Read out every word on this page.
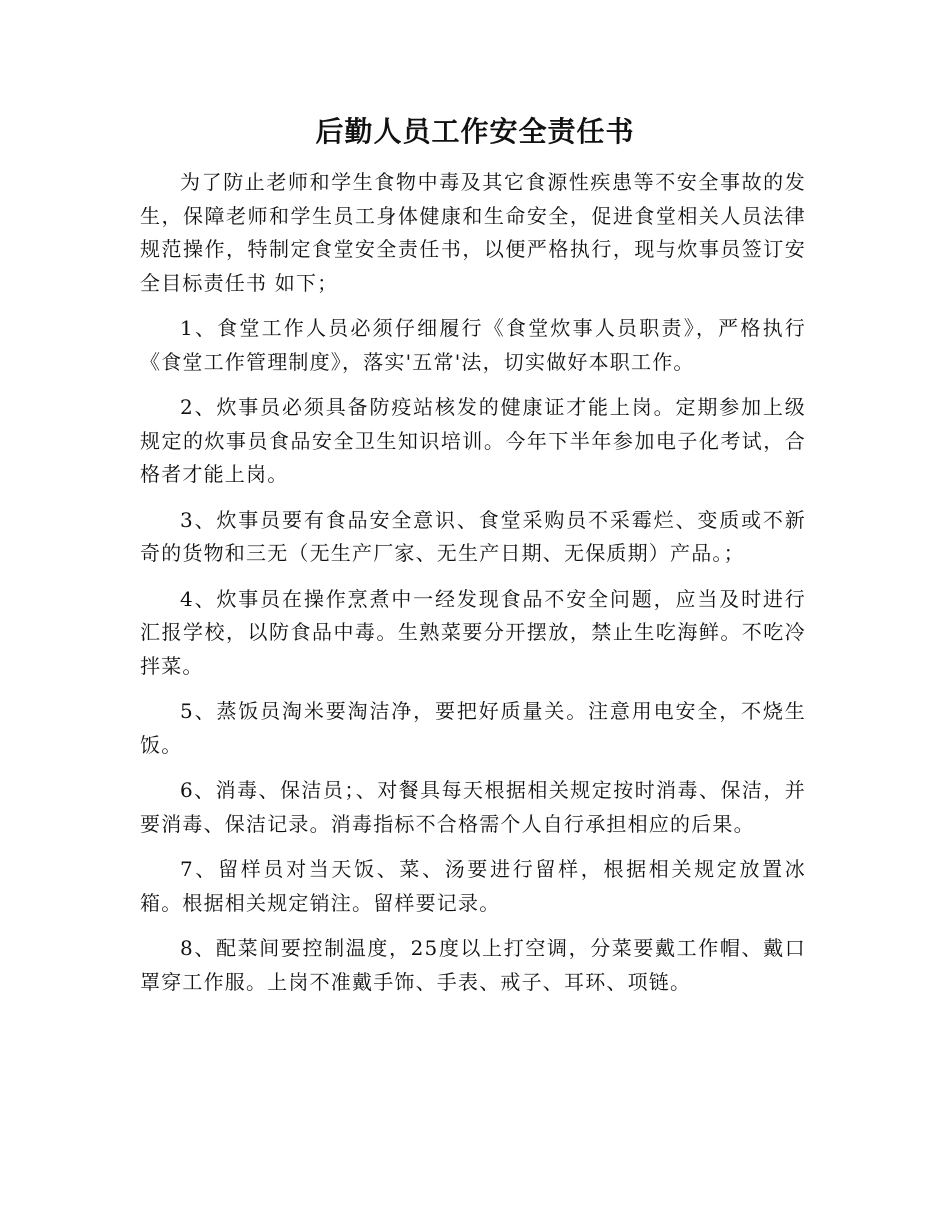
后勤人员工作安全责任书

为了防止老师和学生食物中毒及其它食源性疾患等不安全事故的发生，保障老师和学生员工身体健康和生命安全，促进食堂相关人员法律规范操作，特制定食堂安全责任书，以便严格执行，现与炊事员签订安全目标责任书 如下；

1、食堂工作人员必须仔细履行《食堂炊事人员职责》，严格执行《食堂工作管理制度》，落实'五常'法，切实做好本职工作。

2、炊事员必须具备防疫站核发的健康证才能上岗。定期参加上级规定的炊事员食品安全卫生知识培训。今年下半年参加电子化考试，合格者才能上岗。

3、炊事员要有食品安全意识、食堂采购员不采霉烂、变质或不新奇的货物和三无（无生产厂家、无生产日期、无保质期）产品。；

4、炊事员在操作烹煮中一经发现食品不安全问题，应当及时进行汇报学校，以防食品中毒。生熟菜要分开摆放，禁止生吃海鲜。不吃冷拌菜。

5、蒸饭员淘米要淘洁净，要把好质量关。注意用电安全，不烧生饭。

6、消毒、保洁员；、对餐具每天根据相关规定按时消毒、保洁，并要消毒、保洁记录。消毒指标不合格需个人自行承担相应的后果。

7、留样员对当天饭、菜、汤要进行留样，根据相关规定放置冰箱。根据相关规定销注。留样要记录。

8、配菜间要控制温度，25度以上打空调，分菜要戴工作帽、戴口罩穿工作服。上岗不准戴手饰、手表、戒子、耳环、项链。
